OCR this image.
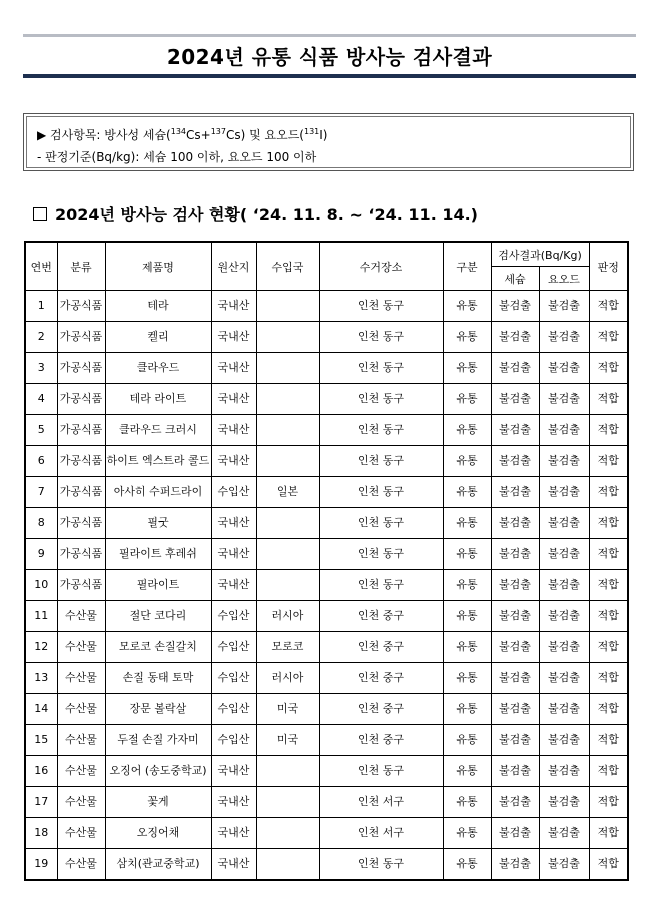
2024년 유통 식품 방사능 검사결과
▶ 검사항목: 방사성 세슘($^{134}$Cs+$^{137}$Cs) 및 요오드($^{131}$I)
- 판정기준(Bq/kg): 세슘 100 이하, 요오드 100 이하
2024년 방사능 검사 현황( ‘24. 11. 8. ~ ‘24. 11. 14.)
연번	분류	제품명	원산지	수입국	수거장소	구분	검사결과(Bq/Kg)		판정
							세슘	요오드	
1	가공식품	테라	국내산		인천 동구	유통	불검출	불검출	적합
2	가공식품	켈리	국내산		인천 동구	유통	불검출	불검출	적합
3	가공식품	클라우드	국내산		인천 동구	유통	불검출	불검출	적합
4	가공식품	테라 라이트	국내산		인천 동구	유통	불검출	불검출	적합
5	가공식품	클라우드 크러시	국내산		인천 동구	유통	불검출	불검출	적합
6	가공식품	하이트 엑스트라 콜드	국내산		인천 동구	유통	불검출	불검출	적합
7	가공식품	아사히 수퍼드라이	수입산	일본	인천 동구	유통	불검출	불검출	적합
8	가공식품	필굿	국내산		인천 동구	유통	불검출	불검출	적합
9	가공식품	필라이트 후레쉬	국내산		인천 동구	유통	불검출	불검출	적합
10	가공식품	필라이트	국내산		인천 동구	유통	불검출	불검출	적합
11	수산물	절단 코다리	수입산	러시아	인천 중구	유통	불검출	불검출	적합
12	수산물	모로코 손질갈치	수입산	모로코	인천 중구	유통	불검출	불검출	적합
13	수산물	손질 동태 토막	수입산	러시아	인천 중구	유통	불검출	불검출	적합
14	수산물	장문 볼락살	수입산	미국	인천 중구	유통	불검출	불검출	적합
15	수산물	두절 손질 가자미	수입산	미국	인천 중구	유통	불검출	불검출	적합
16	수산물	오징어 (송도중학교)	국내산		인천 동구	유통	불검출	불검출	적합
17	수산물	꽃게	국내산		인천 서구	유통	불검출	불검출	적합
18	수산물	오징어채	국내산		인천 서구	유통	불검출	불검출	적합
19	수산물	삼치(관교중학교)	국내산		인천 동구	유통	불검출	불검출	적합
